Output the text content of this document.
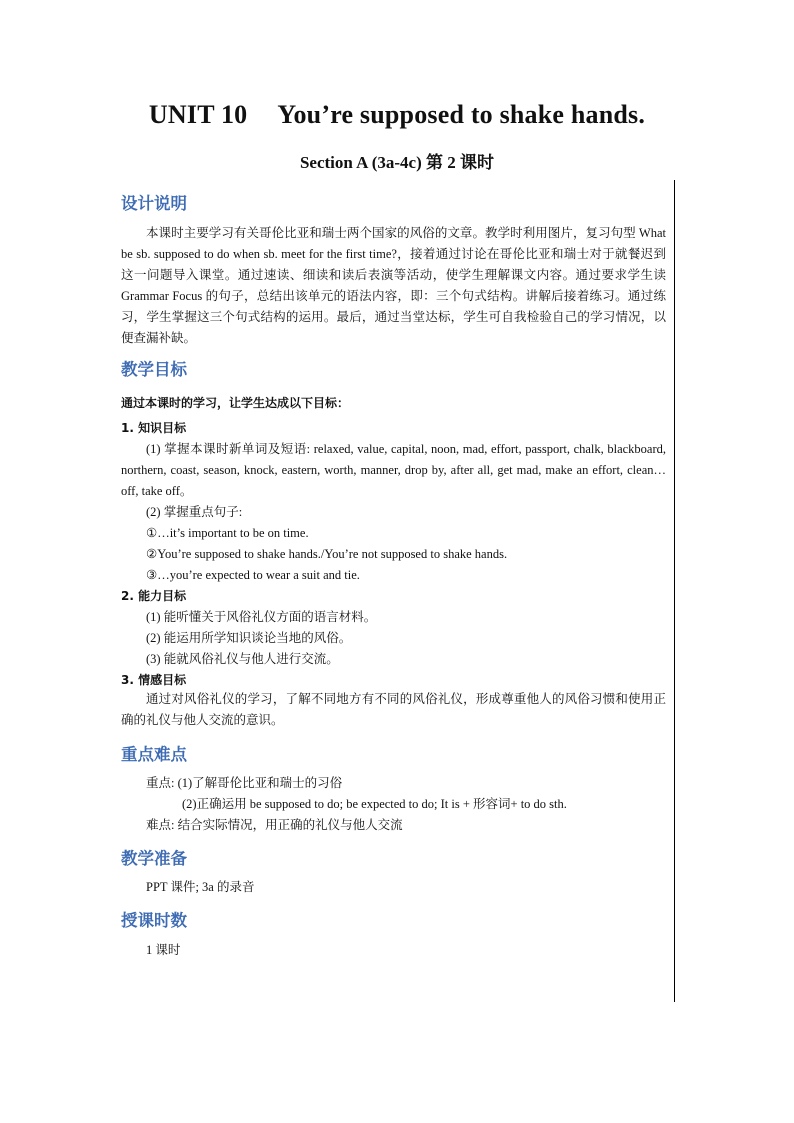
UNIT 10 You’re supposed to shake hands.
Section A (3a-4c) 第 2 课时
设计说明

本课时主要学习有关哥伦比亚和瑞士两个国家的风俗的文章。教学时利用图片，复习句型 What be sb. supposed to do when sb. meet for the first time?，接着通过讨论在哥伦比亚和瑞士对于就餐迟到这一问题导入课堂。通过速读、细读和读后表演等活动，使学生理解课文内容。通过要求学生读 Grammar Focus 的句子，总结出该单元的语法内容，即：三个句式结构。讲解后接着练习。通过练习，学生掌握这三个句式结构的运用。最后，通过当堂达标，学生可自我检验自己的学习情况，以便查漏补缺。

教学目标
通过本课时的学习，让学生达成以下目标：
1. 知识目标

(1) 掌握本课时新单词及短语: relaxed, value, capital, noon, mad, effort, passport, chalk, blackboard, northern, coast, season, knock, eastern, worth, manner, drop by, after all, get mad, make an effort, clean…off, take off。

(2) 掌握重点句子:
①…it’s important to be on time.
②You’re supposed to shake hands./You’re not supposed to shake hands.
③…you’re expected to wear a suit and tie.
2. 能力目标
(1) 能听懂关于风俗礼仪方面的语言材料。
(2) 能运用所学知识谈论当地的风俗。
(3) 能就风俗礼仪与他人进行交流。
3. 情感目标

通过对风俗礼仪的学习，了解不同地方有不同的风俗礼仪，形成尊重他人的风俗习惯和使用正确的礼仪与他人交流的意识。

重点难点
重点: (1)了解哥伦比亚和瑞士的习俗
(2)正确运用 be supposed to do; be expected to do; It is + 形容词+ to do sth.
难点: 结合实际情况，用正确的礼仪与他人交流
教学准备
PPT 课件; 3a 的录音
授课时数
1 课时
